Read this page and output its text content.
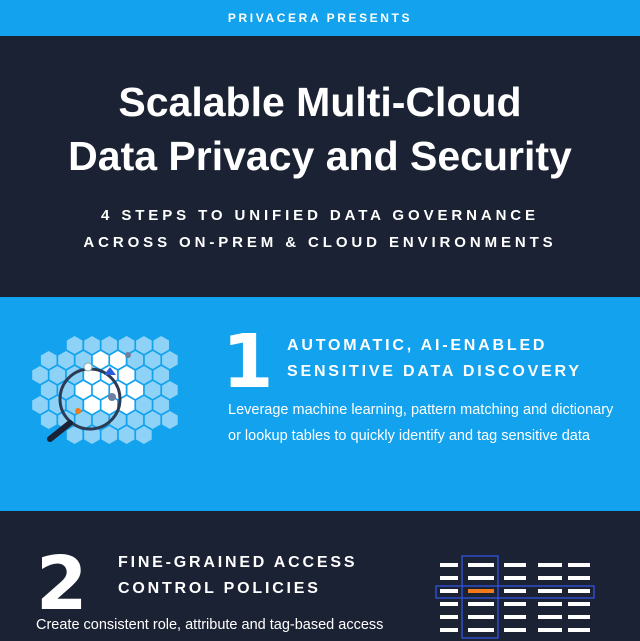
PRIVACERA PRESENTS
Scalable Multi-Cloud
Data Privacy and Security
4 STEPS TO UNIFIED DATA GOVERNANCE
ACROSS ON-PREM & CLOUD ENVIRONMENTS
1 AUTOMATIC, AI-ENABLED
SENSITIVE DATA DISCOVERY
Leverage machine learning, pattern matching and dictionary or lookup tables to quickly identify and tag sensitive data
2 FINE-GRAINED ACCESS
CONTROL POLICIES
Create consistent role, attribute and tag-based access
